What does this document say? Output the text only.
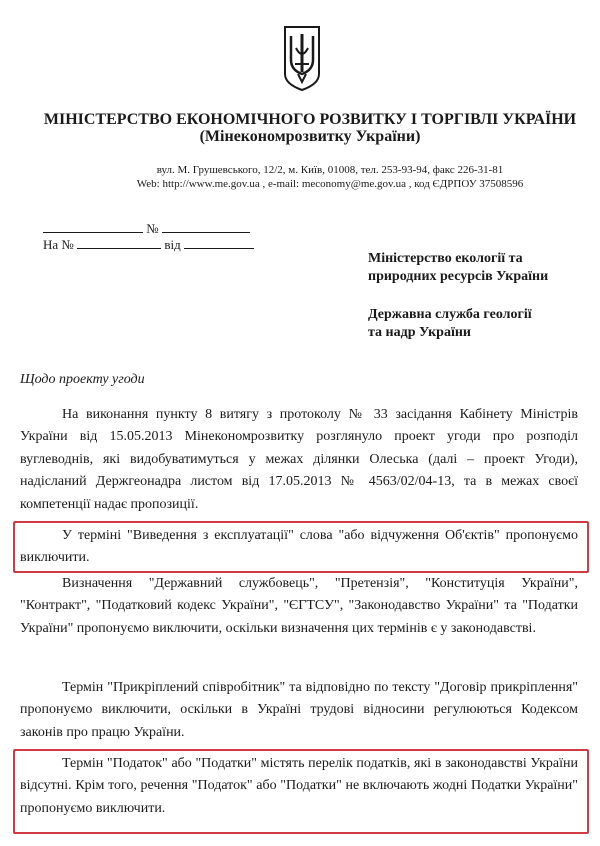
МІНІСТЕРСТВО ЕКОНОМІЧНОГО РОЗВИТКУ І ТОРГІВЛІ УКРАЇНИ
(Мінекономрозвитку України)
вул. М. Грушевського, 12/2, м. Київ, 01008, тел. 253-93-94, факс 226-31-81
Web: http://www.me.gov.ua , e-mail: meconomy@me.gov.ua , код ЄДРПОУ 37508596
№
На №	від
Міністерство екології та
природних ресурсів України
Державна служба геології
та надр України
Щодо проекту угоди
На виконання пункту 8 витягу з протоколу № 33 засідання Кабінету Міністрів України від 15.05.2013 Мінекономрозвитку розглянуло проект угоди про розподіл вуглеводнів, які видобуватимуться у межах ділянки Олеська (далі – проект Угоди), надісланий Держгеонадра листом від 17.05.2013 № 4563/02/04-13, та в межах своєї компетенції надає пропозиції.
У терміні "Виведення з експлуатації" слова "або відчуження Об'єктів" пропонуємо виключити.
Визначення "Державний службовець", "Претензія", "Конституція України", "Контракт", "Податковий кодекс України", "ЄГТСУ", "Законодавство України" та "Податки України" пропонуємо виключити, оскільки визначення цих термінів є у законодавстві.
Термін "Прикріплений співробітник" та відповідно по тексту "Договір прикріплення" пропонуємо виключити, оскільки в Україні трудові відносини регулюються Кодексом законів про працю України.
Термін "Податок" або "Податки" містять перелік податків, які в законодавстві України відсутні. Крім того, речення "Податок" або "Податки" не включають жодні Податки України" пропонуємо виключити.
